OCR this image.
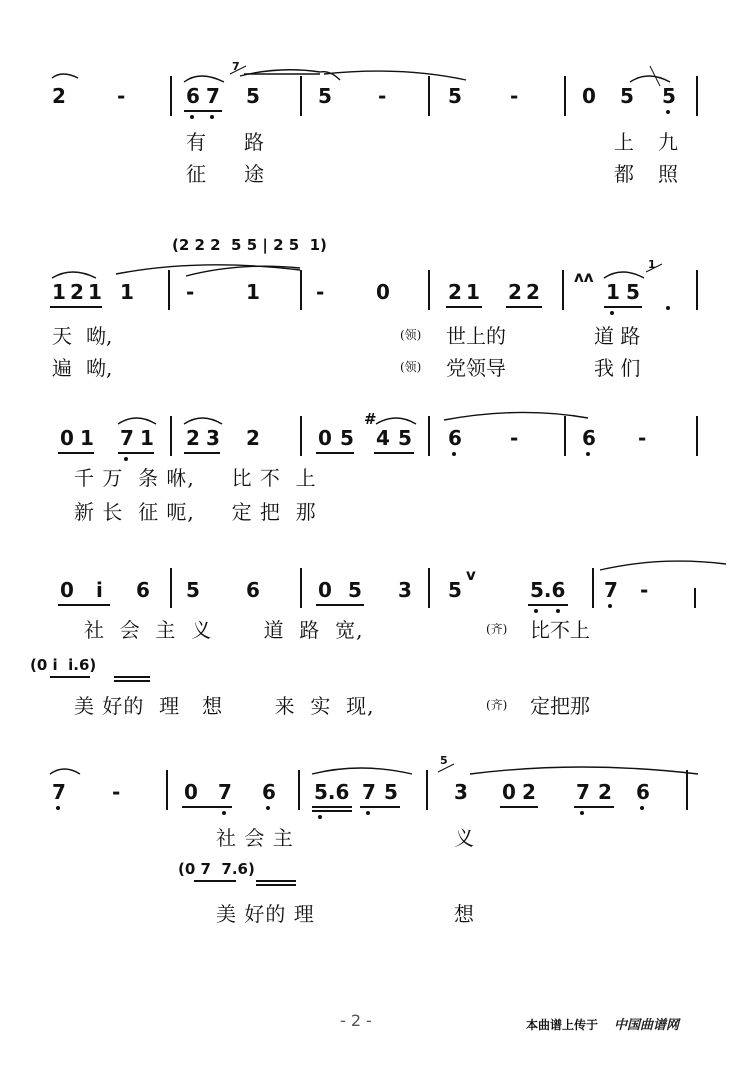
2	-	6 7
7
5	5 -	5 -	0 5 5
有 路	上 九
征 途	都 照
(2 2 2  5 5 | 2 5  1)
1 2 1 1	-	1	-	0	2 1 2 2
ʌʌ
1 5
1
天 呦,	(领) 世上的	道 路
遍 呦,	(领) 党领导	我 们
0 1 7 1 2 3 2	0 5
#
4 5 6 -	6 -
千 万  条 咻,     比 不  上
新 长  征 呃,     定 把  那
0 i 6 5 6	0 5 3 5
v
5.6 7 -
社  会  主  义       道  路  宽,	(齐) 比不上
(0 i  i.6)
美 好的  理   想       来  实  现,	(齐) 定把那
7 -	0 7 6 5.6 7 5
5
3 0 2 7 2 6
社 会 主	义
(0 7  7.6)
美 好的 理	想
- 2 -	本曲谱上传于 中国曲谱网
